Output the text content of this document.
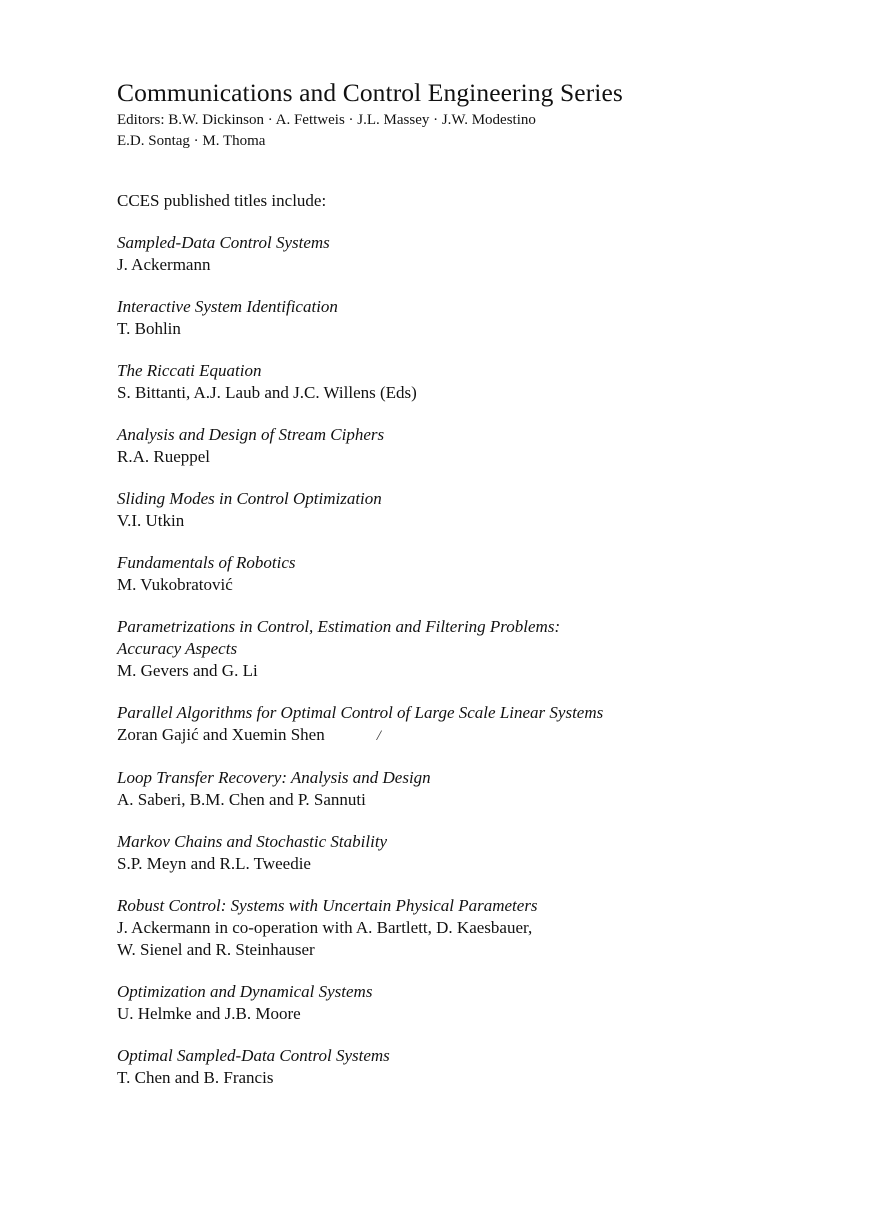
Communications and Control Engineering Series
Editors: B.W. Dickinson · A. Fettweis · J.L. Massey · J.W. Modestino
E.D. Sontag · M. Thoma
CCES published titles include:
Sampled-Data Control Systems
J. Ackermann
Interactive System Identification
T. Bohlin
The Riccati Equation
S. Bittanti, A.J. Laub and J.C. Willens (Eds)
Analysis and Design of Stream Ciphers
R.A. Rueppel
Sliding Modes in Control Optimization
V.I. Utkin
Fundamentals of Robotics
M. Vukobratović
Parametrizations in Control, Estimation and Filtering Problems:
Accuracy Aspects
M. Gevers and G. Li
Parallel Algorithms for Optimal Control of Large Scale Linear Systems
Zoran Gajić and Xuemin Shen	/
Loop Transfer Recovery: Analysis and Design
A. Saberi, B.M. Chen and P. Sannuti
Markov Chains and Stochastic Stability
S.P. Meyn and R.L. Tweedie
Robust Control: Systems with Uncertain Physical Parameters
J. Ackermann in co-operation with A. Bartlett, D. Kaesbauer,
W. Sienel and R. Steinhauser
Optimization and Dynamical Systems
U. Helmke and J.B. Moore
Optimal Sampled-Data Control Systems
T. Chen and B. Francis
